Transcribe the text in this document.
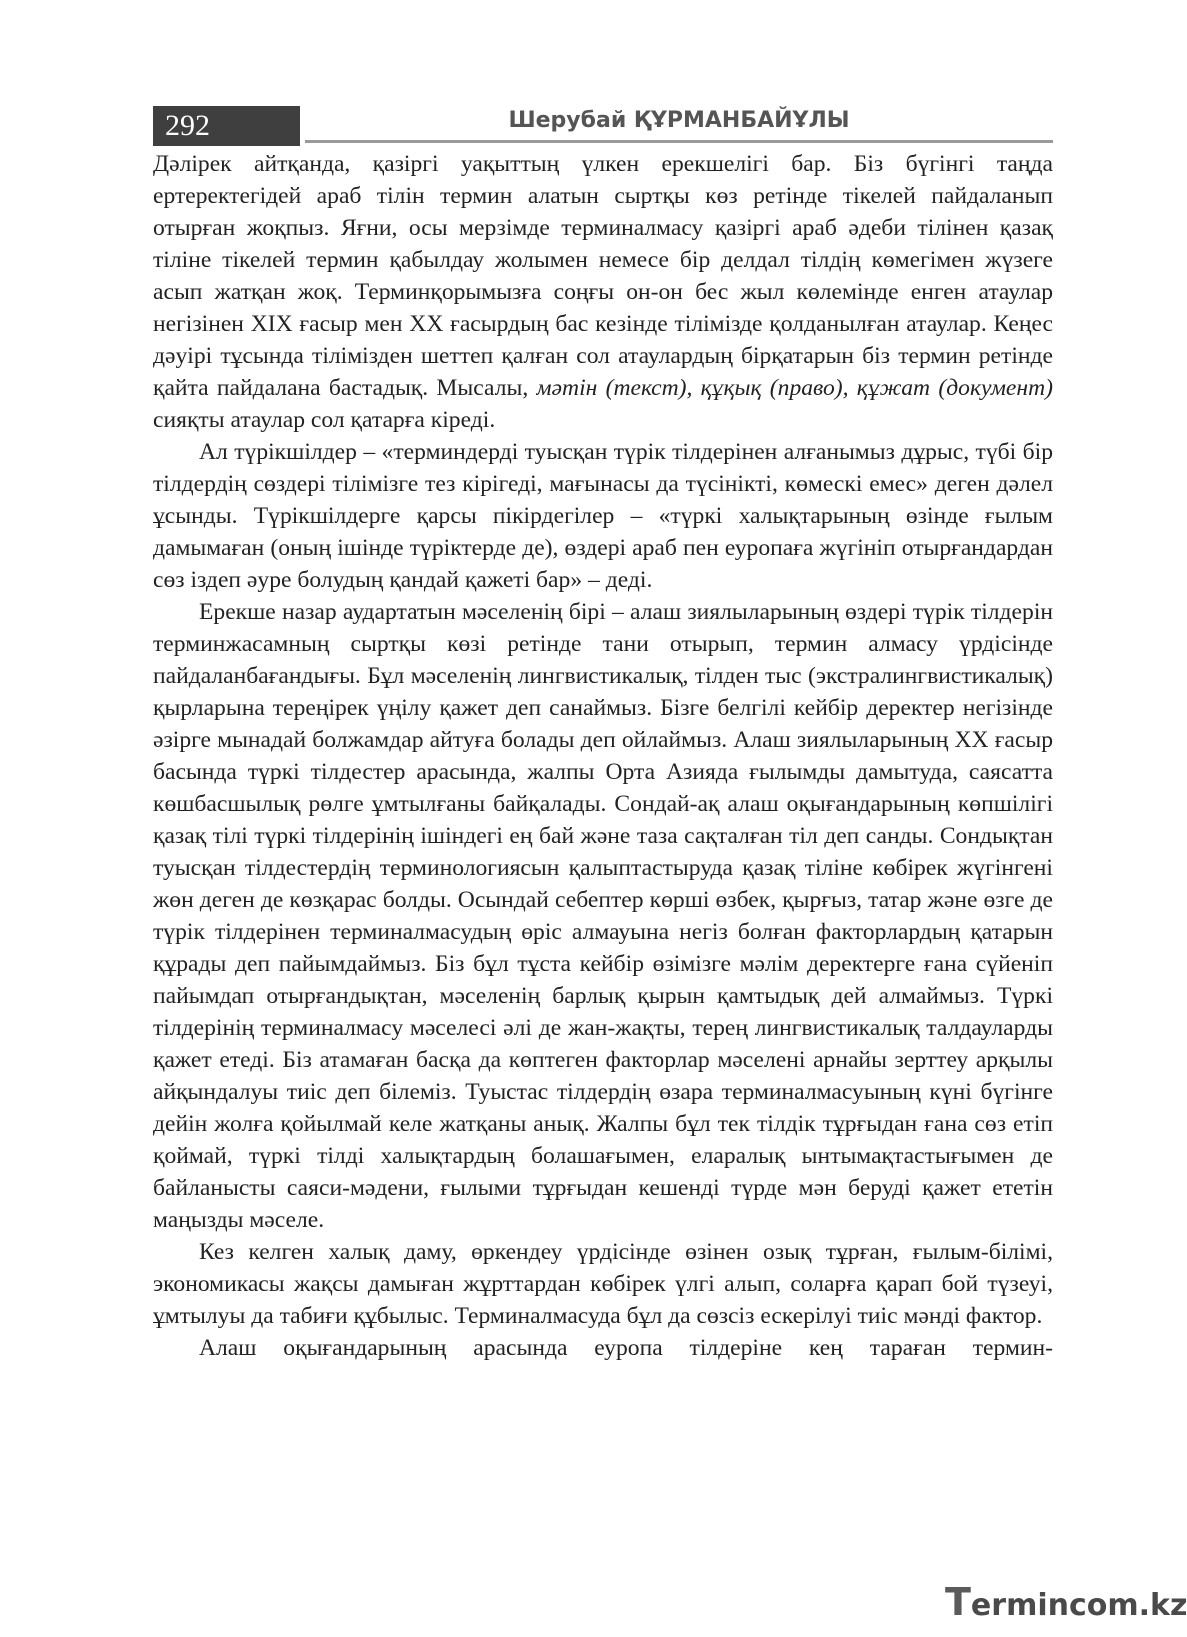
292	Шерубай ҚҰРМАНБАЙҰЛЫ

Дәлірек айтқанда, қазіргі уақыттың үлкен ерекшелігі бар. Біз бүгінгі таңда ертеректегідей араб тілін термин алатын сыртқы көз ретінде тікелей пайдаланып отырған жоқпыз. Яғни, осы мерзімде терминалмасу қазіргі араб әдеби тілінен қазақ тіліне тікелей термин қабылдау жолымен немесе бір делдал тілдің көмегімен жүзеге асып жатқан жоқ. Терминқорымызға соңғы он-он бес жыл көлемінде енген атаулар негізінен XIX ғасыр мен XX ғасырдың бас кезінде тілімізде қолданылған атаулар. Кеңес дәуірі тұсында тілімізден шеттеп қалған сол атаулардың бірқатарын біз термин ретінде қайта пайдалана бастадық. Мысалы, мәтін (текст), құқық (право), құжат (документ) сияқты атаулар сол қатарға кіреді.

Ал түрікшілдер – «терминдерді туысқан түрік тілдерінен алғанымыз дұрыс, түбі бір тілдердің сөздері тілімізге тез кірігеді, мағынасы да түсінікті, көмескі емес» деген дәлел ұсынды. Түрікшілдерге қарсы пікірдегілер – «түркі халықтарының өзінде ғылым дамымаған (оның ішінде түріктерде де), өздері араб пен еуропаға жүгініп отырғандардан сөз іздеп әуре болудың қандай қажеті бар» – деді.

Ерекше назар аудартатын мәселенің бірі – алаш зиялыларының өздері түрік тілдерін терминжасамның сыртқы көзі ретінде тани отырып, термин алмасу үрдісінде пайдаланбағандығы. Бұл мәселенің лингвистикалық, тілден тыс (экстралингвистикалық) қырларына тереңірек үңілу қажет деп санаймыз. Бізге белгілі кейбір деректер негізінде әзірге мынадай болжамдар айтуға болады деп ойлаймыз. Алаш зиялыларының XX ғасыр басында түркі тілдестер арасында, жалпы Орта Азияда ғылымды дамытуда, саясатта көшбасшылық рөлге ұмтылғаны байқалады. Сондай-ақ алаш оқығандарының көпшілігі қазақ тілі түркі тілдерінің ішіндегі ең бай және таза сақталған тіл деп санды. Сондықтан туысқан тілдестердің терминологиясын қалыптастыруда қазақ тіліне көбірек жүгінгені жөн деген де көзқарас болды. Осындай себептер көрші өзбек, қырғыз, татар және өзге де түрік тілдерінен терминалмасудың өріс алмауына негіз болған факторлардың қатарын құрады деп пайымдаймыз. Біз бұл тұста кейбір өзімізге мәлім деректерге ғана сүйеніп пайымдап отырғандықтан, мәселенің барлық қырын қамтыдық дей алмаймыз. Түркі тілдерінің терминалмасу мәселесі әлі де жан-жақты, терең лингвистикалық талдауларды қажет етеді. Біз атамаған басқа да көптеген факторлар мәселені арнайы зерттеу арқылы айқындалуы тиіс деп білеміз. Туыстас тілдердің өзара терминалмасуының күні бүгінге дейін жолға қойылмай келе жатқаны анық. Жалпы бұл тек тілдік тұрғыдан ғана сөз етіп қоймай, түркі тілді халықтардың болашағымен, еларалық ынтымақтастығымен де байланысты саяси-мәдени, ғылыми тұрғыдан кешенді түрде мән беруді қажет ететін маңызды мәселе.

Кез келген халық даму, өркендеу үрдісінде өзінен озық тұрған, ғылым-білімі, экономикасы жақсы дамыған жұрттардан көбірек үлгі алып, соларға қарап бой түзеуі, ұмтылуы да табиғи құбылыс. Терминалмасуда бұл да сөзсіз ескерілуі тиіс мәнді фактор.

Алаш оқығандарының арасында еуропа тілдеріне кең тараған термин-

Termincom.kz
